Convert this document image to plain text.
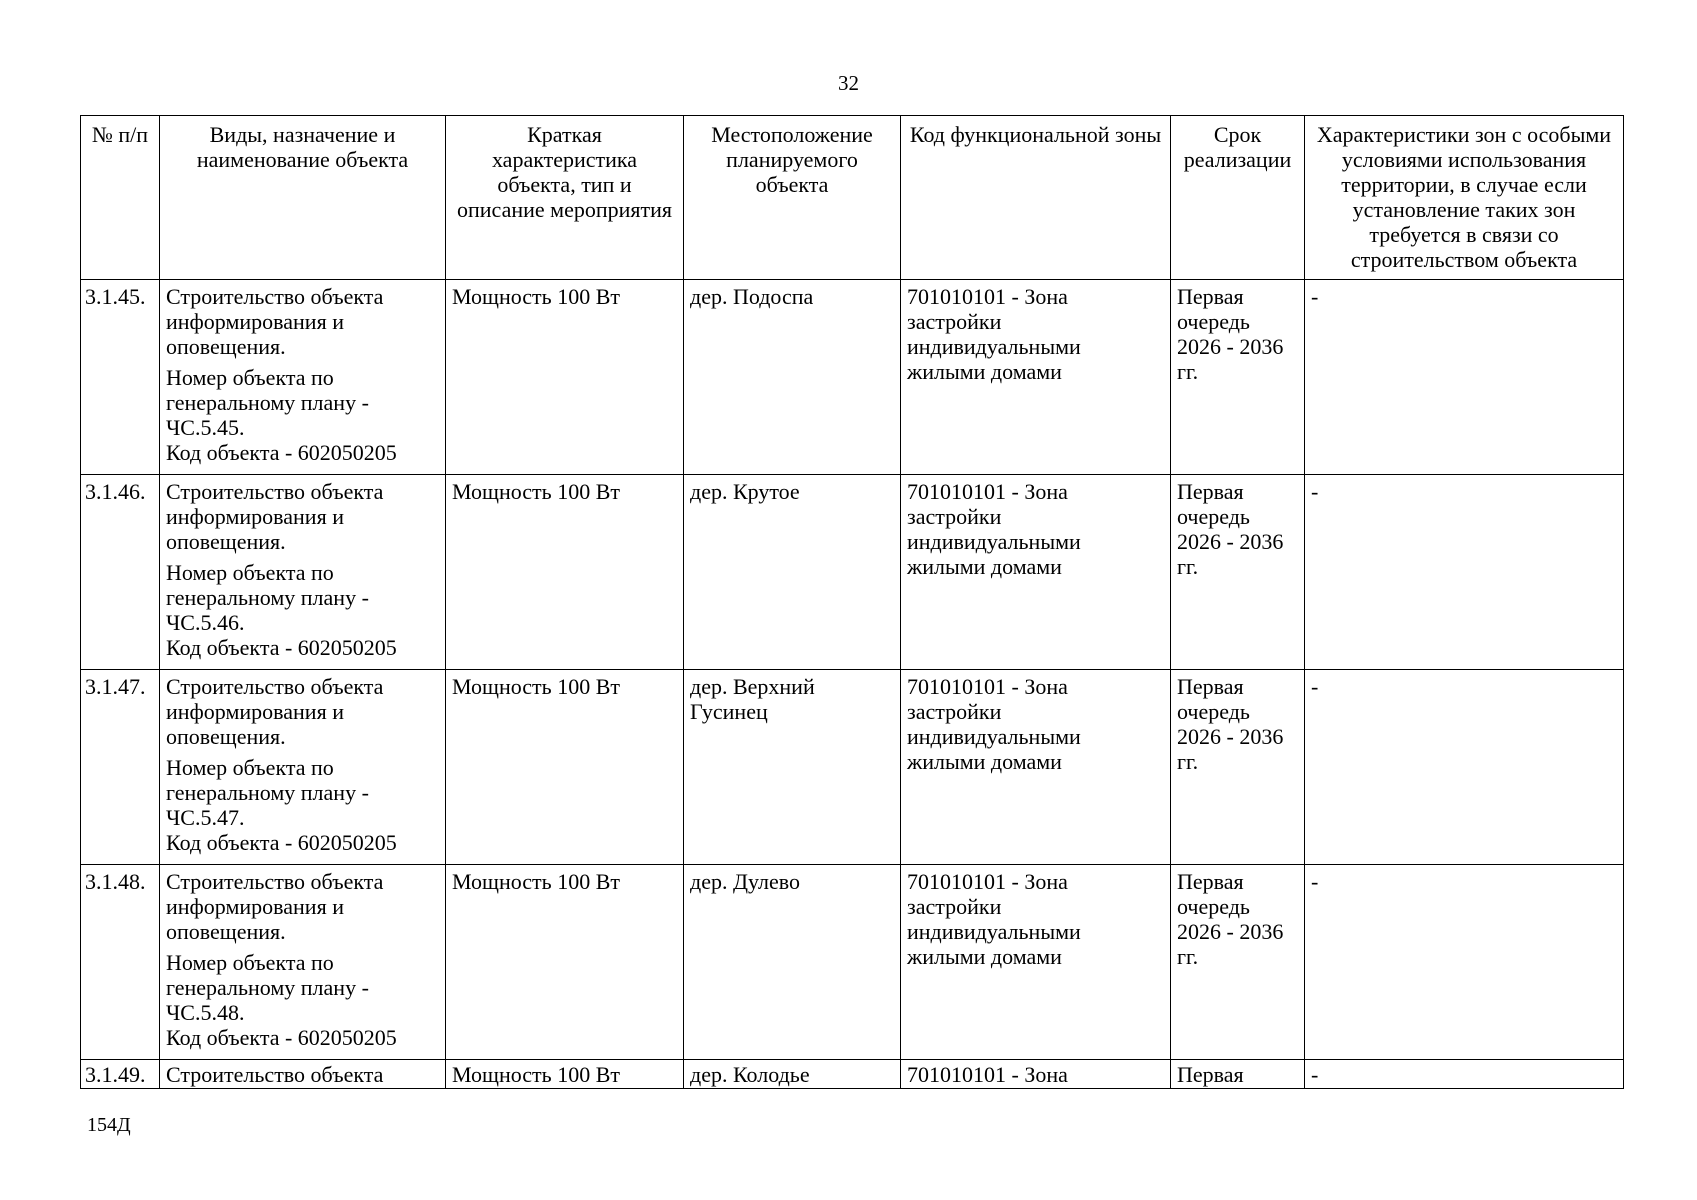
32
№ п/п	Виды, назначение и наименование объекта	Краткая характеристика объекта, тип и описание мероприятия	Местоположение планируемого объекта	Код функциональной зоны	Срок реализации	Характеристики зон с особыми условиями использования территории, в случае если установление таких зон требуется в связи со строительством объекта
3.1.45.	Строительство объекта информирования и оповещения.
Номер объекта по генеральному плану - ЧС.5.45.
Код объекта - 602050205	Мощность 100 Вт	дер. Подоспа	701010101 - Зона застройки индивидуальными жилыми домами	Первая очередь 2026 - 2036 гг.	-
3.1.46.	Строительство объекта информирования и оповещения.
Номер объекта по генеральному плану - ЧС.5.46.
Код объекта - 602050205	Мощность 100 Вт	дер. Крутое	701010101 - Зона застройки индивидуальными жилыми домами	Первая очередь 2026 - 2036 гг.	-
3.1.47.	Строительство объекта информирования и оповещения.
Номер объекта по генеральному плану - ЧС.5.47.
Код объекта - 602050205	Мощность 100 Вт	дер. Верхний Гусинец	701010101 - Зона застройки индивидуальными жилыми домами	Первая очередь 2026 - 2036 гг.	-
3.1.48.	Строительство объекта информирования и оповещения.
Номер объекта по генеральному плану - ЧС.5.48.
Код объекта - 602050205	Мощность 100 Вт	дер. Дулево	701010101 - Зона застройки индивидуальными жилыми домами	Первая очередь 2026 - 2036 гг.	-
3.1.49.	Строительство объекта	Мощность 100 Вт	дер. Колодье	701010101 - Зона	Первая	-
154Д
